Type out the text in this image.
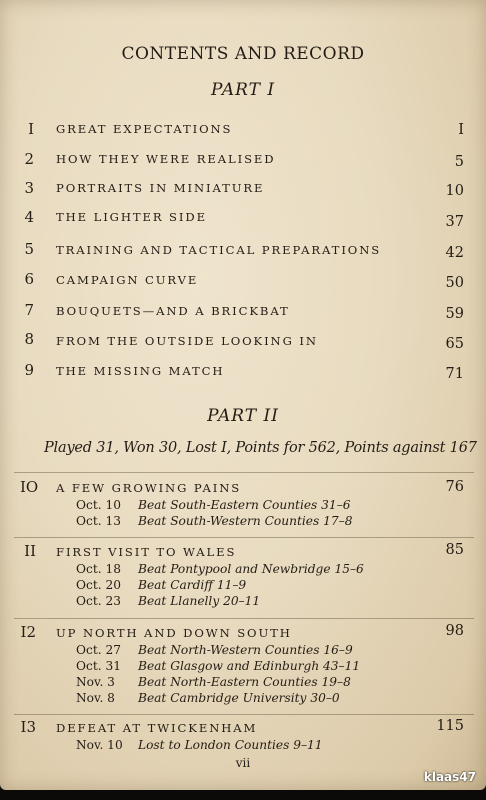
CONTENTS AND RECORD
PART I
I GREAT EXPECTATIONS	I
2 HOW THEY WERE REALISED	5
3 PORTRAITS IN MINIATURE	10
4 THE LIGHTER SIDE	37
5 TRAINING AND TACTICAL PREPARATIONS	42
6 CAMPAIGN CURVE	50
7 BOUQUETS—AND A BRICKBAT	59
8 FROM THE OUTSIDE LOOKING IN	65
9 THE MISSING MATCH	71
PART II
Played 31, Won 30, Lost I, Points for 562, Points against 167
IO A FEW GROWING PAINS	76
Oct. 10 Beat South-Eastern Counties 31–6
Oct. 13 Beat South-Western Counties 17–8
II FIRST VISIT TO WALES	85
Oct. 18 Beat Pontypool and Newbridge 15–6
Oct. 20 Beat Cardiff 11–9
Oct. 23 Beat Llanelly 20–11
I2 UP NORTH AND DOWN SOUTH	98
Oct. 27 Beat North-Western Counties 16–9
Oct. 31 Beat Glasgow and Edinburgh 43–11
Nov. 3 Beat North-Eastern Counties 19–8
Nov. 8 Beat Cambridge University 30–0
I3 DEFEAT AT TWICKENHAM	115
Nov. 10 Lost to London Counties 9–11
vii
klaas47
